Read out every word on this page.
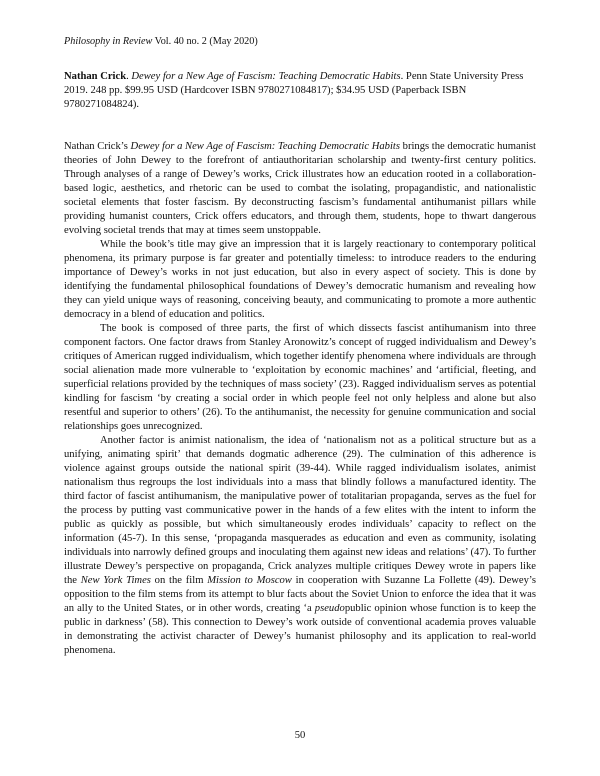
Philosophy in Review Vol. 40 no. 2 (May 2020)
Nathan Crick. Dewey for a New Age of Fascism: Teaching Democratic Habits. Penn State University Press 2019. 248 pp. $99.95 USD (Hardcover ISBN 9780271084817); $34.95 USD (Paperback ISBN 9780271084824).

Nathan Crick’s Dewey for a New Age of Fascism: Teaching Democratic Habits brings the democratic humanist theories of John Dewey to the forefront of antiauthoritarian scholarship and twenty-first century politics. Through analyses of a range of Dewey’s works, Crick illustrates how an education rooted in a collaboration-based logic, aesthetics, and rhetoric can be used to combat the isolating, propagandistic, and nationalistic societal elements that foster fascism. By deconstructing fascism’s fundamental antihumanist pillars while providing humanist counters, Crick offers educators, and through them, students, hope to thwart dangerous evolving societal trends that may at times seem unstoppable.

While the book’s title may give an impression that it is largely reactionary to contemporary political phenomena, its primary purpose is far greater and potentially timeless: to introduce readers to the enduring importance of Dewey’s works in not just education, but also in every aspect of society. This is done by identifying the fundamental philosophical foundations of Dewey’s democratic humanism and revealing how they can yield unique ways of reasoning, conceiving beauty, and communicating to promote a more authentic democracy in a blend of education and politics.

The book is composed of three parts, the first of which dissects fascist antihumanism into three component factors. One factor draws from Stanley Aronowitz’s concept of rugged individualism and Dewey’s critiques of American rugged individualism, which together identify phenomena where individuals are through social alienation made more vulnerable to ‘exploitation by economic machines’ and ‘artificial, fleeting, and superficial relations provided by the techniques of mass society’ (23). Ragged individualism serves as potential kindling for fascism ‘by creating a social order in which people feel not only helpless and alone but also resentful and superior to others’ (26). To the antihumanist, the necessity for genuine communication and social relationships goes unrecognized.

Another factor is animist nationalism, the idea of ‘nationalism not as a political structure but as a unifying, animating spirit’ that demands dogmatic adherence (29). The culmination of this adherence is violence against groups outside the national spirit (39-44). While ragged individualism isolates, animist nationalism thus regroups the lost individuals into a mass that blindly follows a manufactured identity. The third factor of fascist antihumanism, the manipulative power of totalitarian propaganda, serves as the fuel for the process by putting vast communicative power in the hands of a few elites with the intent to inform the public as quickly as possible, but which simultaneously erodes individuals’ capacity to reflect on the information (45-7). In this sense, ‘propaganda masquerades as education and even as community, isolating individuals into narrowly defined groups and inoculating them against new ideas and relations’ (47). To further illustrate Dewey’s perspective on propaganda, Crick analyzes multiple critiques Dewey wrote in papers like the New York Times on the film Mission to Moscow in cooperation with Suzanne La Follette (49). Dewey’s opposition to the film stems from its attempt to blur facts about the Soviet Union to enforce the idea that it was an ally to the United States, or in other words, creating ‘a pseudopublic opinion whose function is to keep the public in darkness’ (58). This connection to Dewey’s work outside of conventional academia proves valuable in demonstrating the activist character of Dewey’s humanist philosophy and its application to real-world phenomena.

50
